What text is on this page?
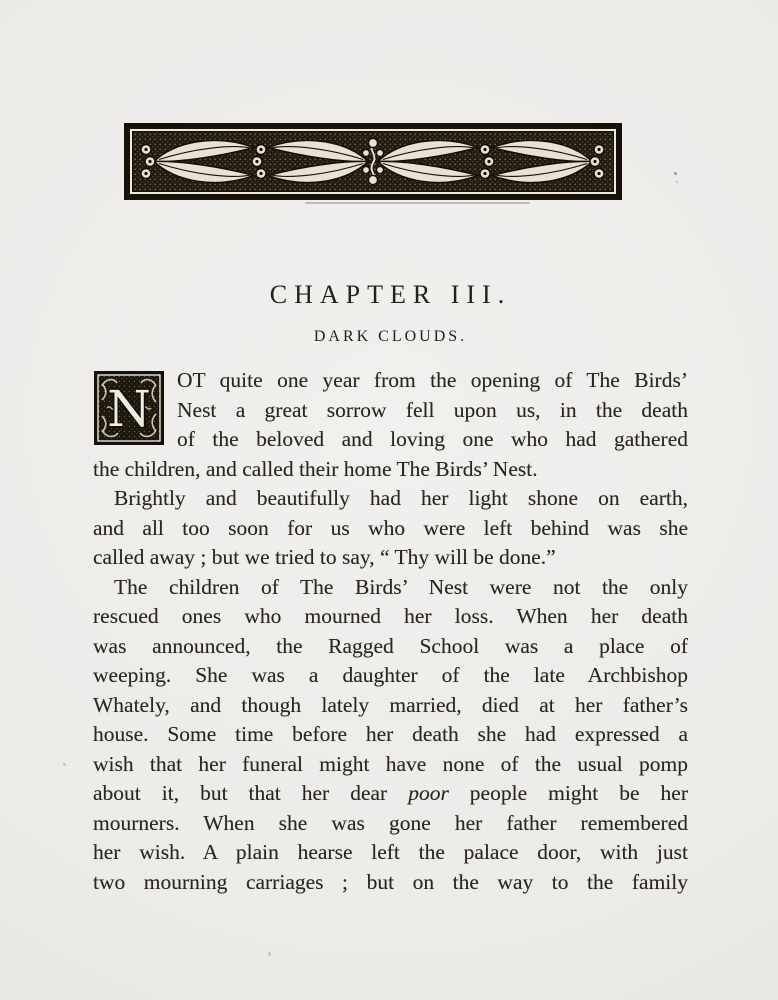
CHAPTER III.
DARK CLOUDS.
N	OT quite one year from the opening of The Birds’
Nest a great sorrow fell upon us, in the death
of the beloved and loving one who had gathered
the children, and called their home The Birds’ Nest.
Brightly and beautifully had her light shone on earth,
and all too soon for us who were left behind was she
called away ; but we tried to say, “ Thy will be done.”
The children of The Birds’ Nest were not the only
rescued ones who mourned her loss. When her death
was announced, the Ragged School was a place of
weeping. She was a daughter of the late Archbishop
Whately, and though lately married, died at her father’s
house. Some time before her death she had expressed a
wish that her funeral might have none of the usual pomp
about it, but that her dear poor people might be her
mourners. When she was gone her father remembered
her wish. A plain hearse left the palace door, with just
two mourning carriages ; but on the way to the family
